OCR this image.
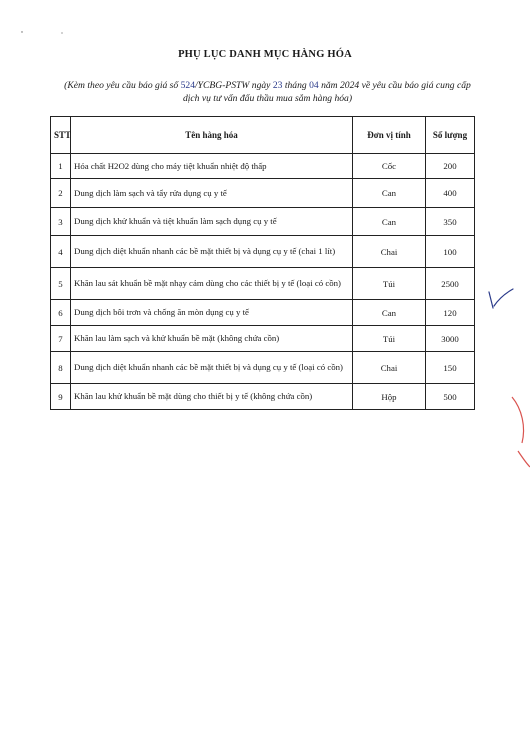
PHỤ LỤC DANH MỤC HÀNG HÓA
(Kèm theo yêu cầu báo giá số 524/YCBG-PSTW ngày 23 tháng 04 năm 2024 về yêu cầu báo giá cung cấp
dịch vụ tư vấn đấu thầu mua sắm hàng hóa)
STT	Tên hàng hóa	Đơn vị tính	Số lượng
1	Hóa chất H2O2 dùng cho máy tiệt khuẩn nhiệt độ thấp	Cốc	200
2	Dung dịch làm sạch và tẩy rửa dụng cụ y tế	Can	400
3	Dung dịch khử khuẩn và tiệt khuẩn làm sạch dụng cụ y tế	Can	350
4	Dung dịch diệt khuẩn nhanh các bề mặt thiết bị và dụng cụ y tế (chai 1 lít)	Chai	100
5	Khăn lau sát khuẩn bề mặt nhạy cảm dùng cho các thiết bị y tế (loại có cồn)	Túi	2500
6	Dung dịch bôi trơn và chống ăn mòn dụng cụ y tế	Can	120
7	Khăn lau làm sạch và khử khuẩn bề mặt (không chứa cồn)	Túi	3000
8	Dung dịch diệt khuẩn nhanh các bề mặt thiết bị và dụng cụ y tế (loại có cồn)	Chai	150
9	Khăn lau khử khuẩn bề mặt dùng cho thiết bị y tế (không chứa cồn)	Hộp	500
